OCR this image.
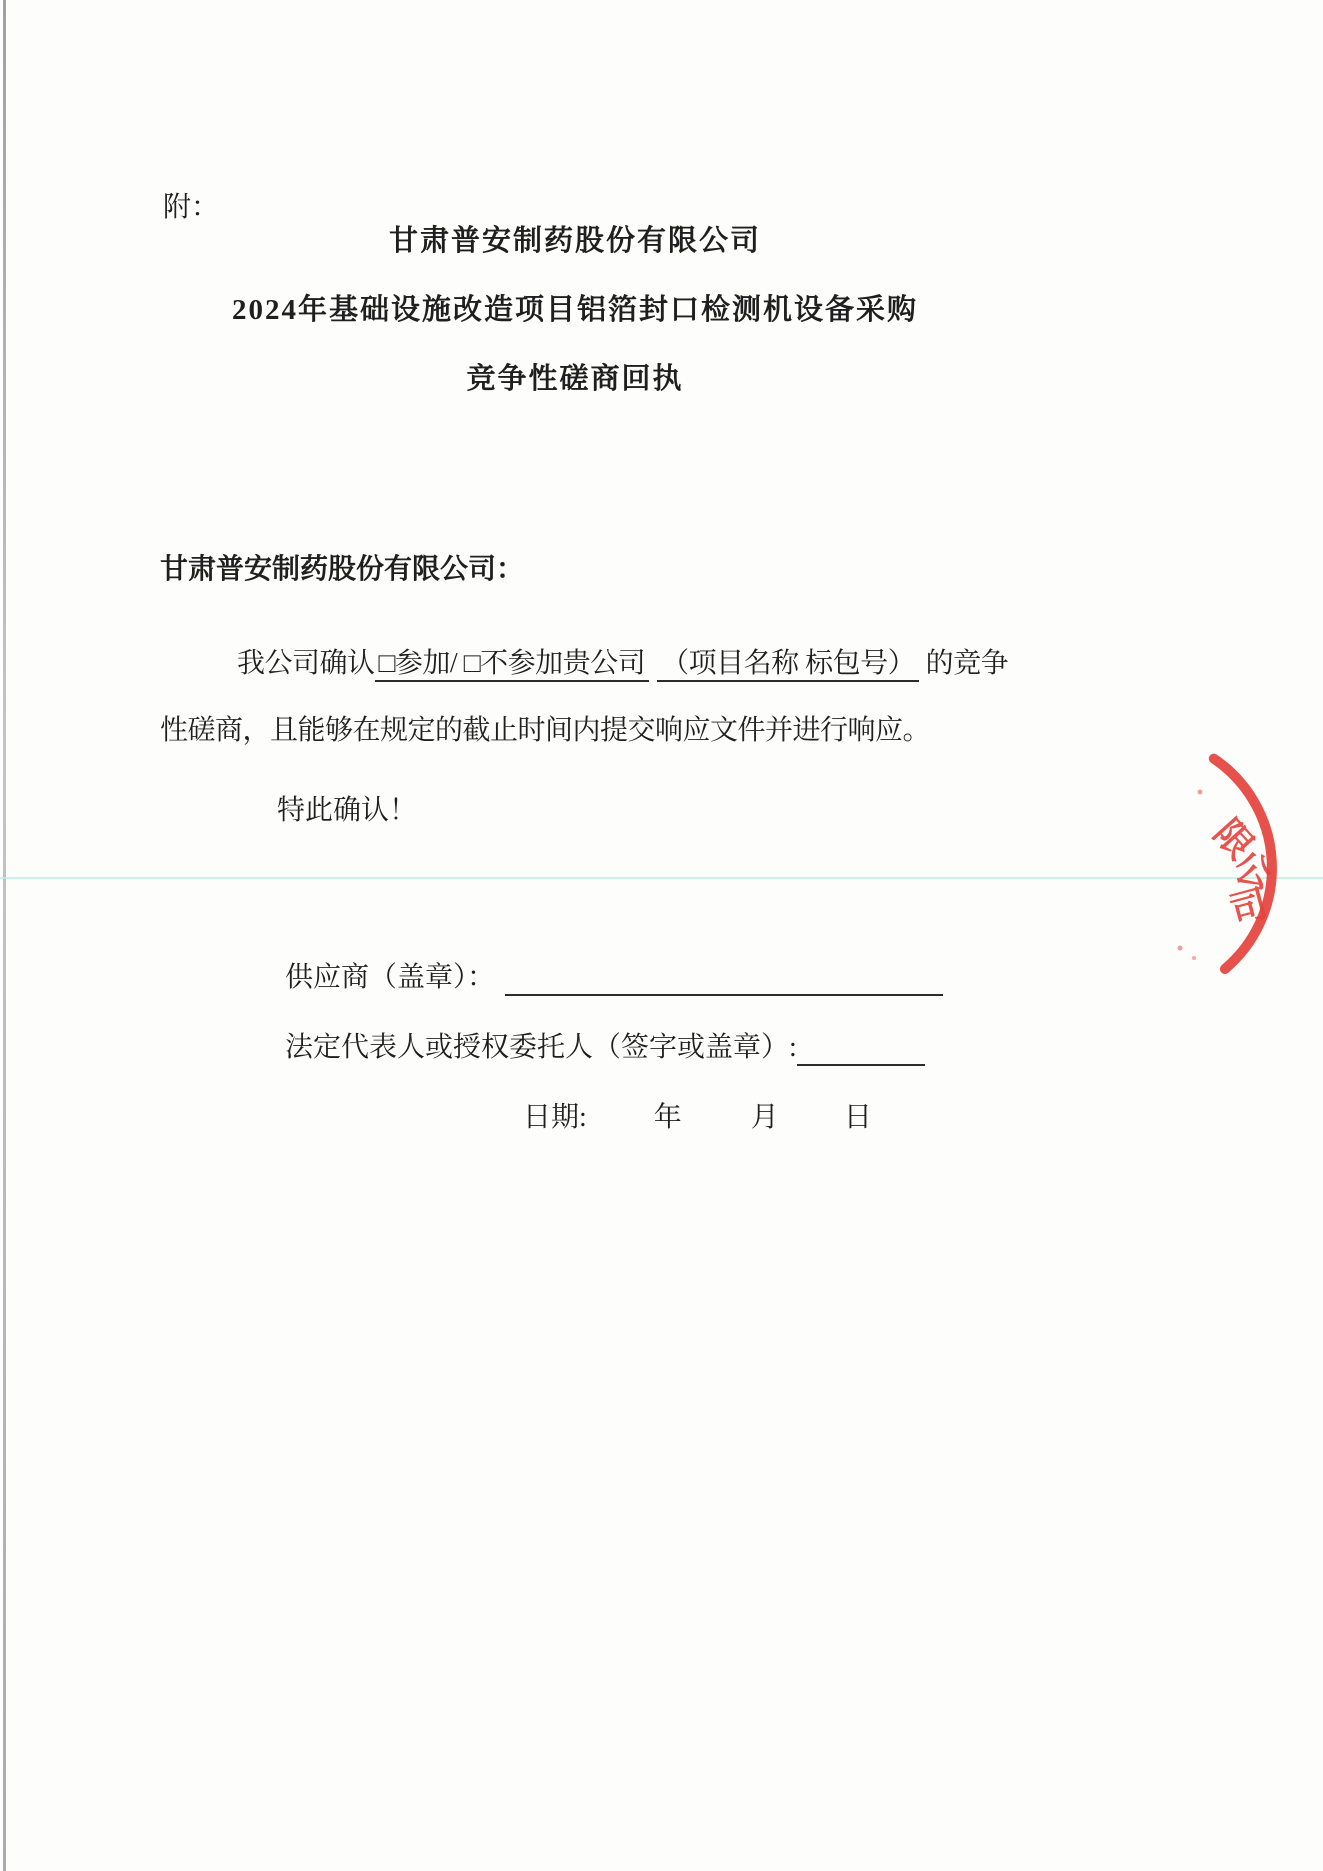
附：
甘肃普安制药股份有限公司
2024年基础设施改造项目铝箔封口检测机设备采购
竞争性磋商回执
甘肃普安制药股份有限公司：
我公司确认 □参加/ □不参加贵公司 （项目名称 标包号） 的竞争
性磋商，且能够在规定的截止时间内提交响应文件并进行响应。
特此确认！
供应商（盖章）：
法定代表人或授权委托人（签字或盖章）:
日期: 年 月 日
限
公
司
